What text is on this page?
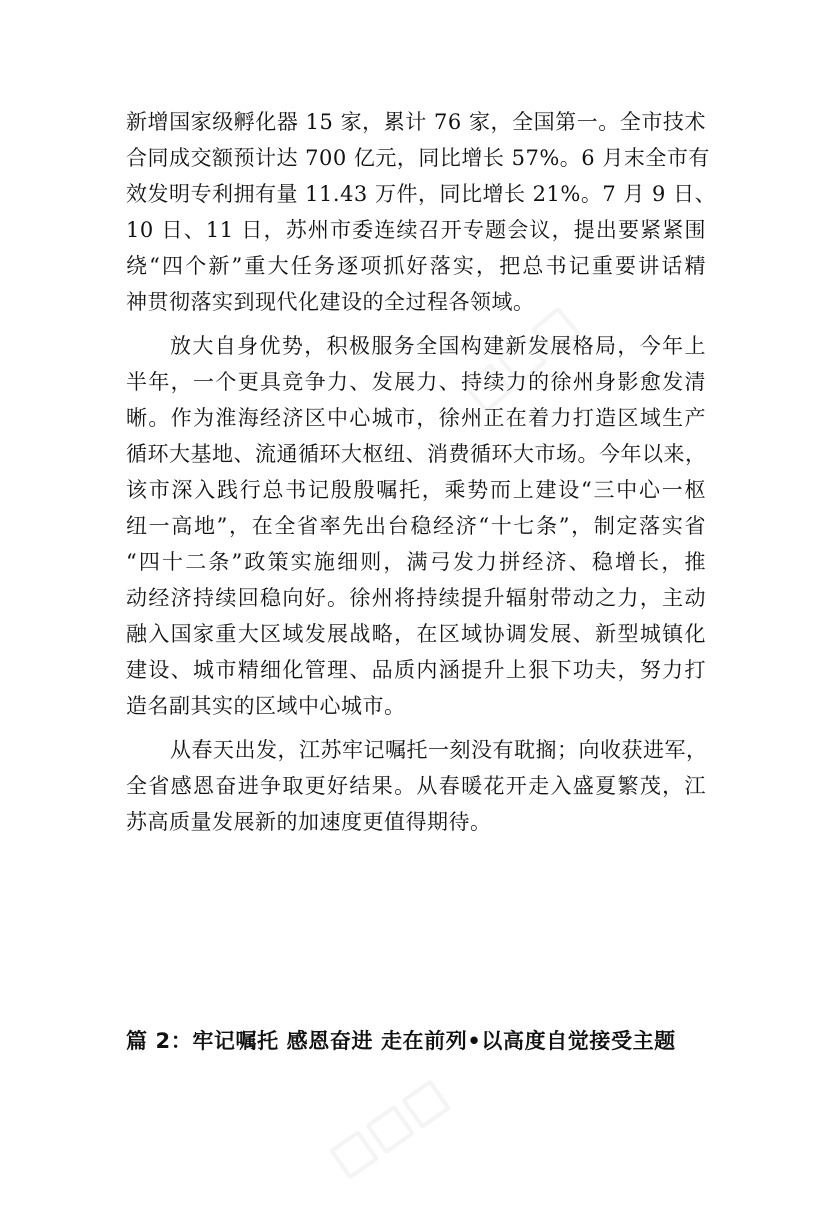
新增国家级孵化器 15 家，累计 76 家，全国第一。全市技术
合同成交额预计达 700 亿元，同比增长 57%。6 月末全市有
效发明专利拥有量 11.43 万件，同比增长 21%。7 月 9 日、
10 日、11 日，苏州市委连续召开专题会议，提出要紧紧围
绕“四个新”重大任务逐项抓好落实，把总书记重要讲话精
神贯彻落实到现代化建设的全过程各领域。
放大自身优势，积极服务全国构建新发展格局，今年上
半年，一个更具竞争力、发展力、持续力的徐州身影愈发清
晰。作为淮海经济区中心城市，徐州正在着力打造区域生产
循环大基地、流通循环大枢纽、消费循环大市场。今年以来，
该市深入践行总书记殷殷嘱托，乘势而上建设“三中心一枢
纽一高地”，在全省率先出台稳经济“十七条”，制定落实省
“四十二条”政策实施细则，满弓发力拼经济、稳增长，推
动经济持续回稳向好。徐州将持续提升辐射带动之力，主动
融入国家重大区域发展战略，在区域协调发展、新型城镇化
建设、城市精细化管理、品质内涵提升上狠下功夫，努力打
造名副其实的区域中心城市。
从春天出发，江苏牢记嘱托一刻没有耽搁；向收获进军，
全省感恩奋进争取更好结果。从春暖花开走入盛夏繁茂，江
苏高质量发展新的加速度更值得期待。
篇 2：牢记嘱托 感恩奋进 走在前列•以高度自觉接受主题
